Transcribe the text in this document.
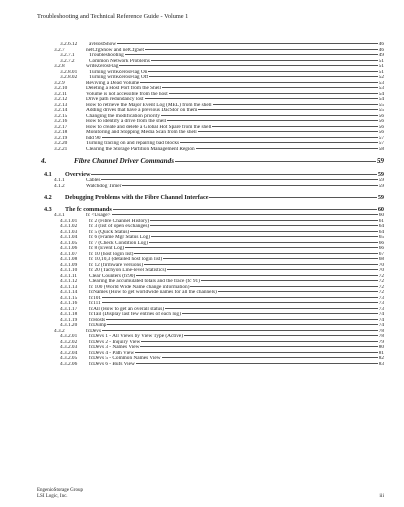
Troubleshooting and Technical Reference Guide - Volume 1
3.2.6.12	avHostShow	46
3.2.7	netCfgShow and netCfgSet	46
3.2.7.1	Troubleshooting	49
3.2.7.2	Common Network Problems	51
3.2.8	writeZerosFlag	51
3.2.8.01	Turning writeZerosFlag On	51
3.2.8.02	Turning writeZerosFlag Off	52
3.2.9	Reviving a Dead Volume	53
3.2.10	Deleting a Host Port from the Shell	53
3.2.11	Volume is not accessible from the host	54
3.2.12	Drive path redundancy lost	54
3.2.13	How to retrieve the Major Event Log (MEL) from the shell	55
3.2.14	Adding drives that have a previous DacStor on them	55
3.2.15	Changing the modification priority	56
3.2.16	How to identify a drive from the shell	56
3.2.17	How to create and delete a Global Hot Spare from the shell	56
3.2.18	Monitoring and Stopping Media Scan from the shell	56
3.2.19	hdd 90	57
3.2.20	Turning tracing on and repairing bad blocks	57
3.2.21	Clearing the Storage Partition Management Region	58
4.	Fibre Channel Driver Commands	59
4.1	Overview	59
4.1.1	Cables	59
4.1.2	Watchdog Timer	59
4.2	Debugging Problems with the Fibre Channel Interface	59
4.3	The fc commands	60
4.3.1	fc <Usage>	60
4.3.1.01	fc 2 (Fibre Channel History)	61
4.3.1.02	fc 3 (list of open exchanges)	64
4.3.1.03	fc 5 (Quick Status)	64
4.3.1.04	fc 6 (Frame Mgr Status Log)	65
4.3.1.05	fc 7 (Check Condition Log)	66
4.3.1.06	fc 8 (Event Log)	66
4.3.1.07	fc 10 (host login list)	67
4.3.1.08	fc 10,10,3 (detailed host login list)	68
4.3.1.09	fc 12 (firmware versions)	70
4.3.1.10	fc 20 (Tachyon Line-level Statistics)	70
4.3.1.11	Clear Counters (fc90)	72
4.3.1.12	Clearing the accumulated totals and the trace (fc 91)	72
4.3.1.13	fc 100 (World Wide Name change information)	72
4.3.1.14	fcNames (How to get worldwide names for all the channels)	72
4.3.1.15	fc101	73
4.3.1.16	fc111	73
4.3.1.17	fcAll (How to get an overall status)	73
4.3.1.18	fcTail (Display last few entries of each log)	74
4.3.1.19	fcHosts	74
4.3.1.20	fcDump	74
4.3.2	fcDevs	78
4.3.2.01	fcDevs 1 - All Views by View Type (Active)	78
4.3.2.02	fcDevs 2 - Inquiry View	79
4.3.2.03	fcDevs 3 - Names View	80
4.3.2.04	fcDevs 4 - Path View	81
4.3.2.05	fcDevs 5 - Common Names View	82
4.3.2.06	fcDevs 6 - Bufs View	83
EngenioStorage Group
LSI Logic, Inc.	iii
